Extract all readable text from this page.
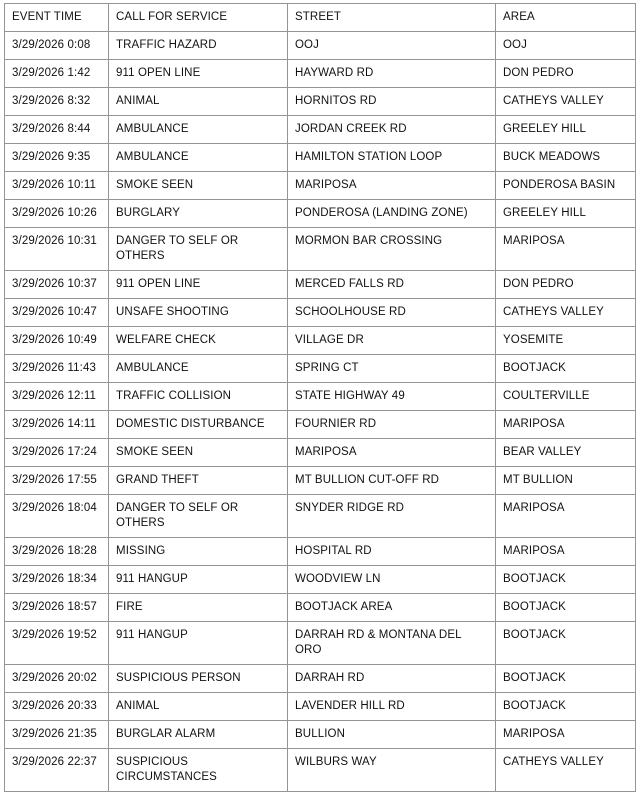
EVENT TIME	CALL FOR SERVICE	STREET	AREA
3/29/2026 0:08	TRAFFIC HAZARD	OOJ	OOJ
3/29/2026 1:42	911 OPEN LINE	HAYWARD RD	DON PEDRO
3/29/2026 8:32	ANIMAL	HORNITOS RD	CATHEYS VALLEY
3/29/2026 8:44	AMBULANCE	JORDAN CREEK RD	GREELEY HILL
3/29/2026 9:35	AMBULANCE	HAMILTON STATION LOOP	BUCK MEADOWS
3/29/2026 10:11	SMOKE SEEN	MARIPOSA	PONDEROSA BASIN
3/29/2026 10:26	BURGLARY	PONDEROSA (LANDING ZONE)	GREELEY HILL
3/29/2026 10:31	DANGER TO SELF OR OTHERS	MORMON BAR CROSSING	MARIPOSA
3/29/2026 10:37	911 OPEN LINE	MERCED FALLS RD	DON PEDRO
3/29/2026 10:47	UNSAFE SHOOTING	SCHOOLHOUSE RD	CATHEYS VALLEY
3/29/2026 10:49	WELFARE CHECK	VILLAGE DR	YOSEMITE
3/29/2026 11:43	AMBULANCE	SPRING CT	BOOTJACK
3/29/2026 12:11	TRAFFIC COLLISION	STATE HIGHWAY 49	COULTERVILLE
3/29/2026 14:11	DOMESTIC DISTURBANCE	FOURNIER RD	MARIPOSA
3/29/2026 17:24	SMOKE SEEN	MARIPOSA	BEAR VALLEY
3/29/2026 17:55	GRAND THEFT	MT BULLION CUT-OFF RD	MT BULLION
3/29/2026 18:04	DANGER TO SELF OR OTHERS	SNYDER RIDGE RD	MARIPOSA
3/29/2026 18:28	MISSING	HOSPITAL RD	MARIPOSA
3/29/2026 18:34	911 HANGUP	WOODVIEW LN	BOOTJACK
3/29/2026 18:57	FIRE	BOOTJACK AREA	BOOTJACK
3/29/2026 19:52	911 HANGUP	DARRAH RD & MONTANA DEL ORO	BOOTJACK
3/29/2026 20:02	SUSPICIOUS PERSON	DARRAH RD	BOOTJACK
3/29/2026 20:33	ANIMAL	LAVENDER HILL RD	BOOTJACK
3/29/2026 21:35	BURGLAR ALARM	BULLION	MARIPOSA
3/29/2026 22:37	SUSPICIOUS CIRCUMSTANCES	WILBURS WAY	CATHEYS VALLEY
